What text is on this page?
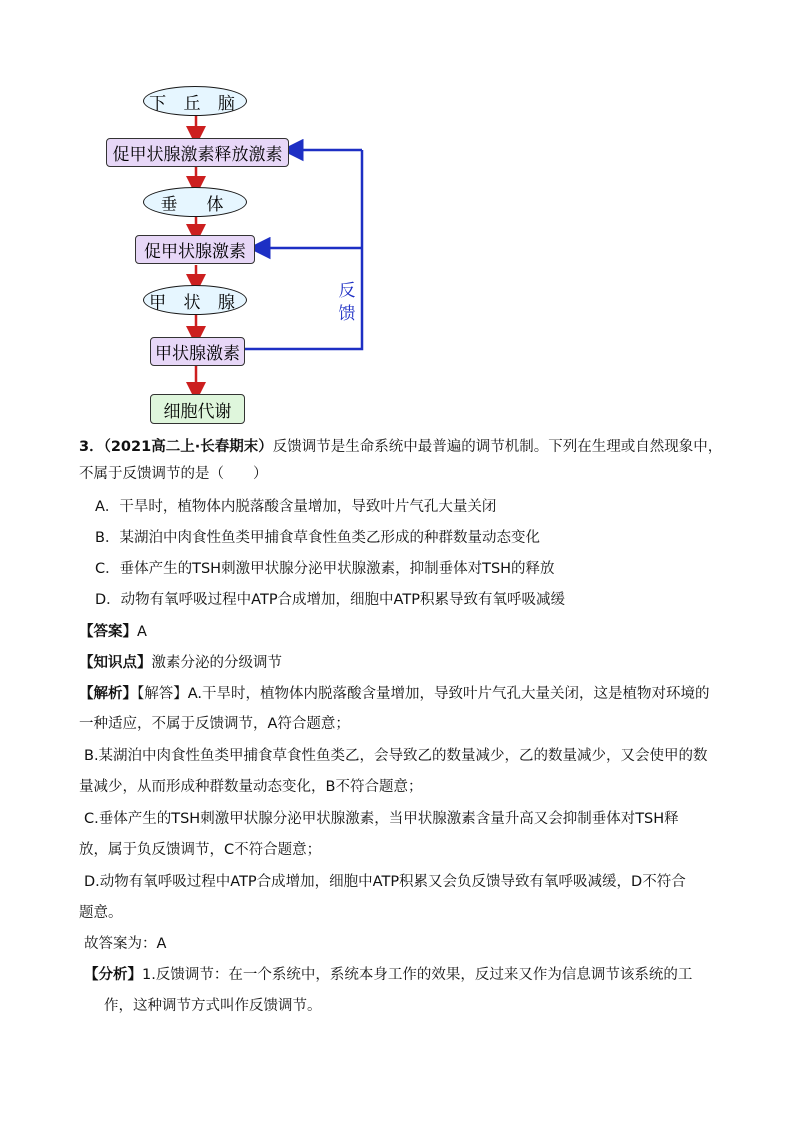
下 丘 脑
促甲状腺激素释放激素
垂　体
促甲状腺激素
甲 状 腺
甲状腺激素
细胞代谢
反
馈
3．（2021高二上·长春期末）反馈调节是生命系统中最普遍的调节机制。下列在生理或自然现象中，
不属于反馈调节的是（　　）
A．干旱时，植物体内脱落酸含量增加，导致叶片气孔大量关闭
B．某湖泊中肉食性鱼类甲捕食草食性鱼类乙形成的种群数量动态变化
C．垂体产生的TSH刺激甲状腺分泌甲状腺激素，抑制垂体对TSH的释放
D．动物有氧呼吸过程中ATP合成增加，细胞中ATP积累导致有氧呼吸减缓
【答案】A
【知识点】激素分泌的分级调节
【解析】【解答】A.干旱时，植物体内脱落酸含量增加，导致叶片气孔大量关闭，这是植物对环境的
一种适应，不属于反馈调节，A符合题意；
B.某湖泊中肉食性鱼类甲捕食草食性鱼类乙，会导致乙的数量减少，乙的数量减少，又会使甲的数
量减少，从而形成种群数量动态变化，B不符合题意；
C.垂体产生的TSH刺激甲状腺分泌甲状腺激素，当甲状腺激素含量升高又会抑制垂体对TSH释
放，属于负反馈调节，C不符合题意；
D.动物有氧呼吸过程中ATP合成增加，细胞中ATP积累又会负反馈导致有氧呼吸减缓，D不符合
题意。
故答案为：A
【分析】1.反馈调节：在一个系统中，系统本身工作的效果，反过来又作为信息调节该系统的工
作，这种调节方式叫作反馈调节。
